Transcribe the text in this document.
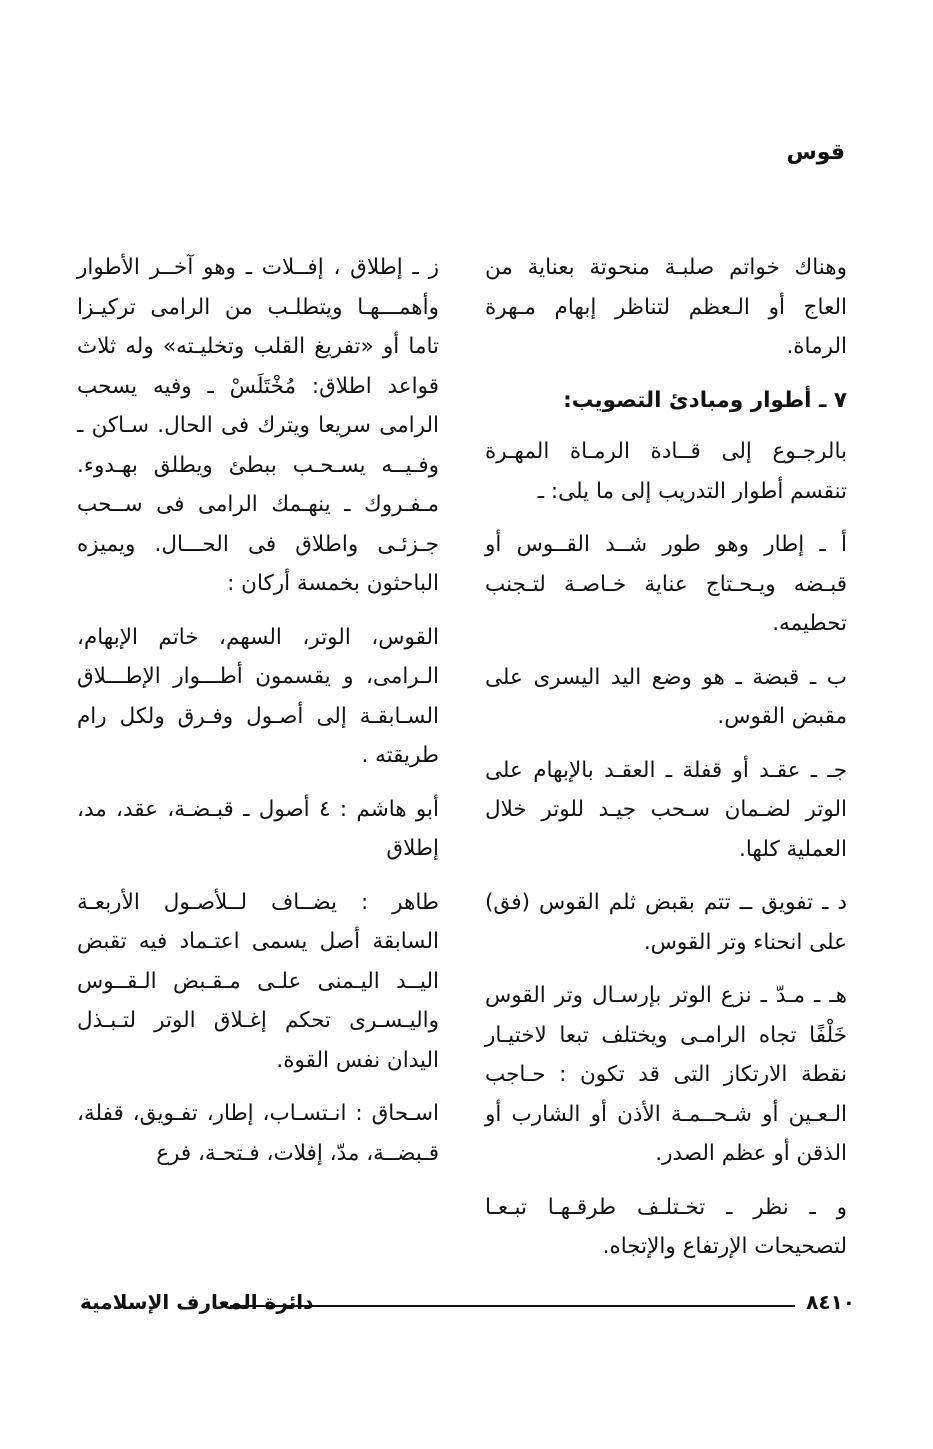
قوس

وهناك خواتم صلبـة منحوتة بعناية من العاج أو الـعظم لتناظر إبهام مـهرة الرماة.

٧ ـ أطوار ومبادئ التصويب:

بالرجـوع إلى قــادة الرمـاة المهـرة تنقسم أطوار التدريب إلى ما يلى: ـ

أ ـ إطار وهو طور شــد القــوس أو قبـضه ويـحـتاج عناية خـاصـة لتـجنب تحطيمه.

ب ـ قبضة ـ هو وضع اليد اليسرى على مقبض القوس.

جـ ـ عقـد أو قفلة ـ العقـد بالإبهام على الوتر لضـمان سـحب جيـد للوتر خلال العملية كلها.

د ـ تفويق ــ تتم بقبض ثلم القوس (فق) على انحناء وتر القوس.

هـ ـ مـدّ ـ نزع الوتر بإرسـال وتر القوس خَلْفًا تجاه الرامـى ويختلف تبعا لاختيـار نقطة الارتكاز التى قد تكون : حـاجب الـعـين أو شـحــمـة الأذن أو الشارب أو الذقن أو عظم الصدر.

و ـ نظر ـ تخـتلـف طرقـهـا تبـعـا لتصحيحات الإرتفاع والإتجاه.

ز ـ إطلاق ، إفــلات ـ وهو آخــر الأطوار وأهمـــهـا ويتطلـب من الرامى تركيـزا تاما أو «تفريغ القلب وتخليـته» وله ثلاث قواعد اطلاق: مُخْتَلَسْ ـ وفيه يسحب الرامى سريعا ويترك فى الحال. سـاكن ـ وفـيــه يسـحـب ببطئ ويطلق بهـدوء. مـفـروك ـ ينهـمك الرامى فى ســحب جـزئـى واطلاق فى الحـــال. ويميزه الباحثون بخمسة أركان :

القوس، الوتر، السهم، خاتم الإبهام، الـرامى، و يقسمون أطـــوار الإطـــلاق السـابقـة إلى أصـول وفـرق ولكل رام طريقته .

أبو هاشم : ٤ أصول ـ قبـضـة، عقد، مد، إطلاق

طاهر : يضــاف لــلأصـول الأربعـة السابقة أصل يسمى اعتـماد فيه تقبض اليــد اليـمنى علـى مـقـبض الـقــوس واليـسـرى تحكم إغـلاق الوتر لتـبـذل اليدان نفس القوة.

اسـحاق : انـتسـاب، إطار، تفـويق، قفلة، قـبضــة، مدّ، إفلات، فـتحـة، فرع

٨٤١٠
دائرة المعارف الإسلامية
